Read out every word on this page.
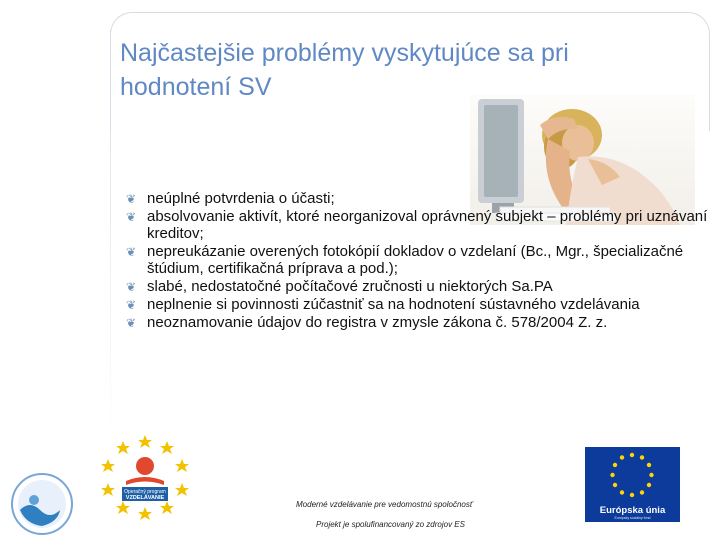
Najčastejšie problémy vyskytujúce sa pri hodnotení SV
❦ neúplné potvrdenia o účasti;
❦ absolvovanie aktivít, ktoré neorganizoval oprávnený subjekt – problémy pri uznávaní kreditov;
❦ nepreukázanie overených fotokópií dokladov o vzdelaní (Bc., Mgr., špecializačné štúdium, certifikačná príprava a pod.);
❦ slabé, nedostatočné počítačové zručnosti u niektorých Sa.PA
❦ neplnenie si povinnosti zúčastniť sa na hodnotení sústavného vzdelávania
❦ neoznamovanie údajov do registra v zmysle zákona č. 578/2004 Z. z.
Operačný program
VZDELÁVANIE
Moderné vzdelávanie pre vedomostnú spoločnosť
Projekt je spolufinancovaný zo zdrojov ES
Európska únia
Európsky sociálny fond
